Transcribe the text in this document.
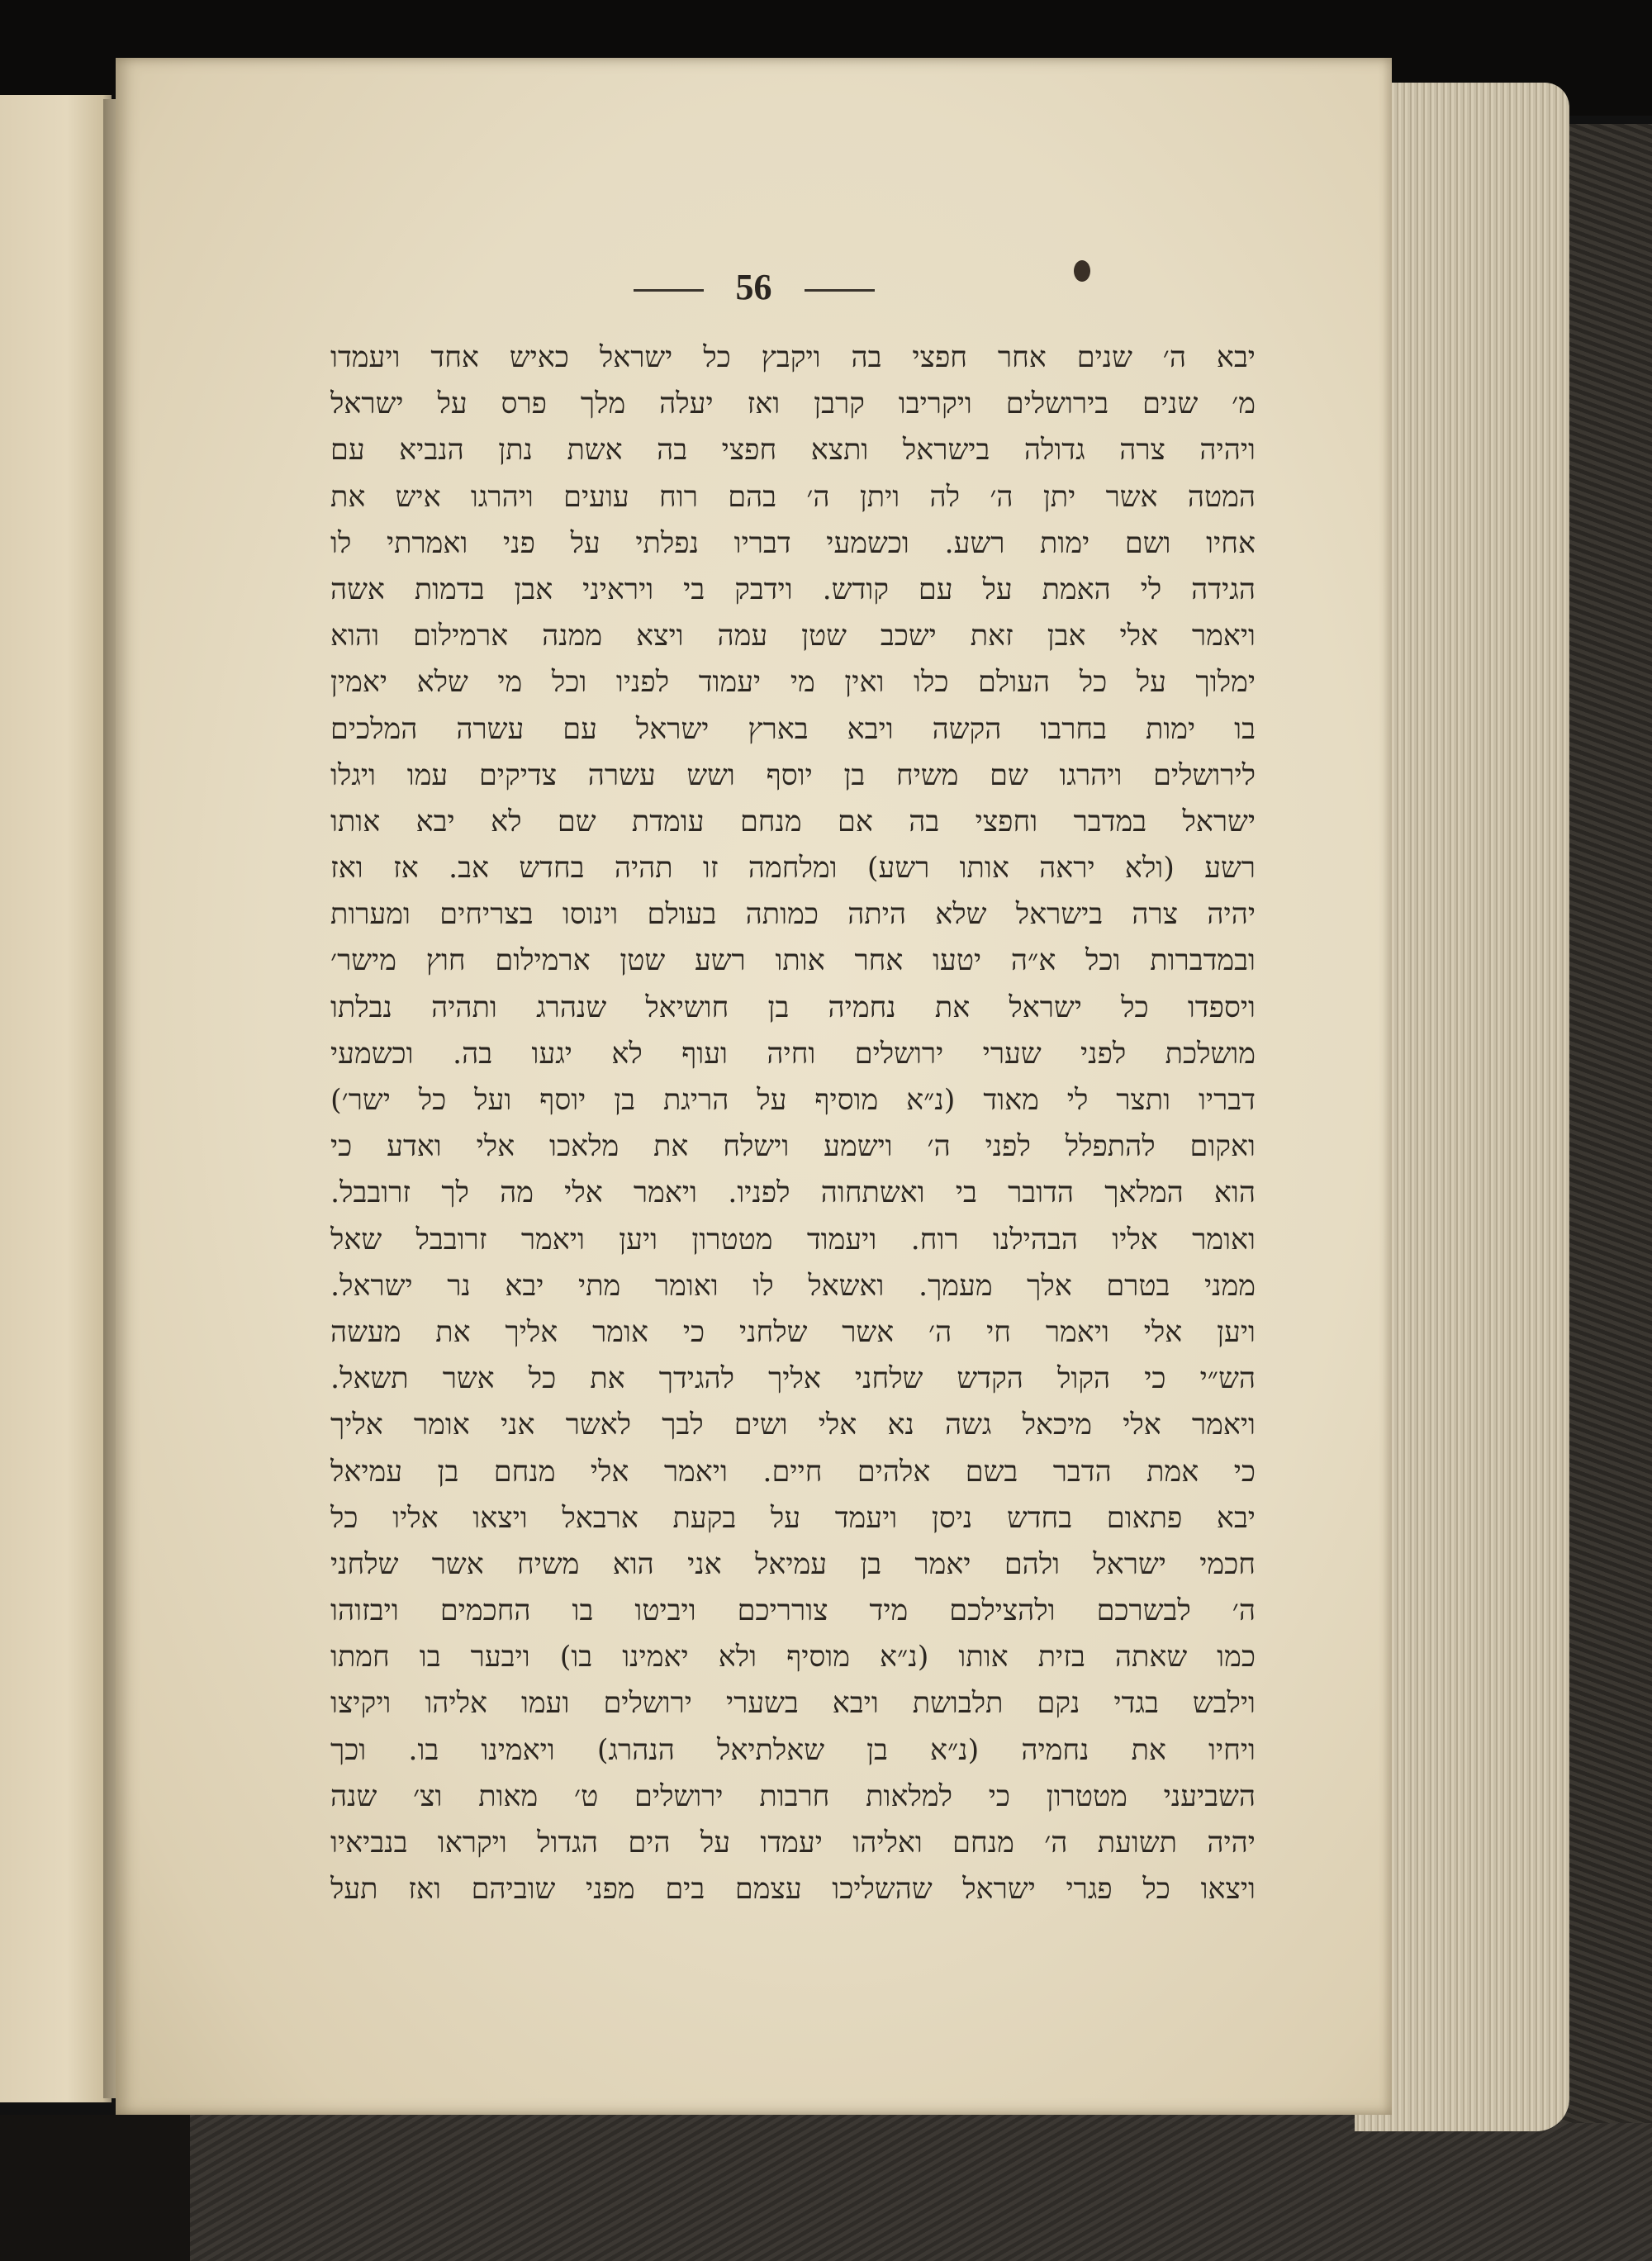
56
יבא ה׳ שנים אחר חפצי בה ויקבץ כל ישראל כאיש אחד ויעמדו
מ׳ שנים בירושלים ויקריבו קרבן ואז יעלה מלך פרס על ישראל
ויהיה צרה גדולה בישראל ותצא חפצי בה אשת נתן הנביא עם
המטה אשר יתן ה׳ לה ויתן ה׳ בהם רוח עועים ויהרגו איש את
אחיו ושם ימות רשע. וכשמעי דבריו נפלתי על פני ואמרתי לו
הגידה לי האמת על עם קודש. וידבק בי ויראיני אבן בדמות אשה
ויאמר אלי אבן זאת ישכב שטן עמה ויצא ממנה ארמילום והוא
ימלוך על כל העולם כלו ואין מי יעמוד לפניו וכל מי שלא יאמין
בו ימות בחרבו הקשה ויבא בארץ ישראל עם עשרה המלכים
לירושלים ויהרגו שם משיח בן יוסף ושש עשרה צדיקים עמו ויגלו
ישראל במדבר וחפצי בה אם מנחם עומדת שם לא יבא אותו
רשע (ולא יראה אותו רשע) ומלחמה זו תהיה בחדש אב. אז ואז
יהיה צרה בישראל שלא היתה כמותה בעולם וינוסו בצריחים ומערות
ובמדברות וכל א״ה יטעו אחר אותו רשע שטן ארמילום חוץ מישר׳
ויספדו כל ישראל את נחמיה בן חושיאל שנהרג ותהיה נבלתו
מושלכת לפני שערי ירושלים וחיה ועוף לא יגעו בה. וכשמעי
דבריו ותצר לי מאוד (נ״א מוסיף על הריגת בן יוסף ועל כל ישר׳)
ואקום להתפלל לפני ה׳ וישמע וישלח את מלאכו אלי ואדע כי
הוא המלאך הדובר בי ואשתחוה לפניו. ויאמר אלי מה לך זרובבל.
ואומר אליו הבהילנו רוח. ויעמוד מטטרון ויען ויאמר זרובבל שאל
ממני בטרם אלך מעמך. ואשאל לו ואומר מתי יבא נר ישראל.
ויען אלי ויאמר חי ה׳ אשר שלחני כי אומר אליך את מעשה
הש״י כי הקול הקדש שלחני אליך להגידך את כל אשר תשאל.
ויאמר אלי מיכאל גשה נא אלי ושים לבך לאשר אני אומר אליך
כי אמת הדבר בשם אלהים חיים. ויאמר אלי מנחם בן עמיאל
יבא פתאום בחדש ניסן ויעמד על בקעת ארבאל ויצאו אליו כל
חכמי ישראל ולהם יאמר בן עמיאל אני הוא משיח אשר שלחני
ה׳ לבשרכם ולהצילכם מיד צורריכם ויביטו בו החכמים ויבזוהו
כמו שאתה בזית אותו (נ״א מוסיף ולא יאמינו בו) ויבער בו חמתו
וילבש בגדי נקם תלבושת ויבא בשערי ירושלים ועמו אליהו ויקיצו
ויחיו את נחמיה (נ״א בן שאלתיאל הנהרג) ויאמינו בו. וכך
השביעני מטטרון כי למלאות חרבות ירושלים ט׳ מאות וצ׳ שנה
יהיה תשועת ה׳ מנחם ואליהו יעמדו על הים הגדול ויקראו בנביאיו
ויצאו כל פגרי ישראל שהשליכו עצמם בים מפני שוביהם ואז תעל
